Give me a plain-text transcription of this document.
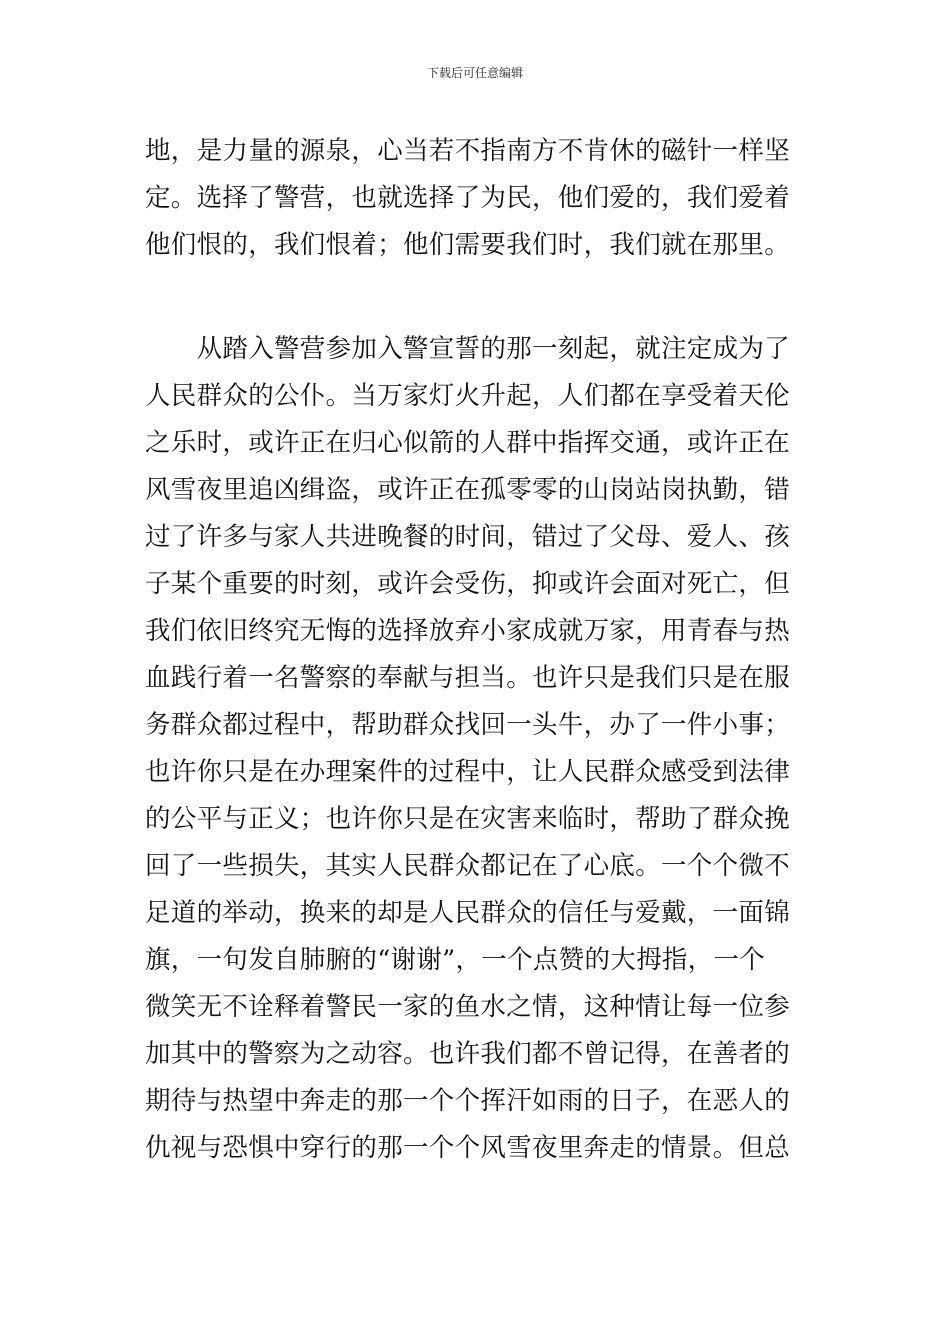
下载后可任意编辑
地，是力量的源泉，心当若不指南方不肯休的磁针一样坚
定。选择了警营，也就选择了为民，他们爱的，我们爱着
他们恨的，我们恨着；他们需要我们时，我们就在那里。
　　从踏入警营参加入警宣誓的那一刻起，就注定成为了
人民群众的公仆。当万家灯火升起，人们都在享受着天伦
之乐时，或许正在归心似箭的人群中指挥交通，或许正在
风雪夜里追凶缉盗，或许正在孤零零的山岗站岗执勤，错
过了许多与家人共进晚餐的时间，错过了父母、爱人、孩
子某个重要的时刻，或许会受伤，抑或许会面对死亡，但
我们依旧终究无悔的选择放弃小家成就万家，用青春与热
血践行着一名警察的奉献与担当。也许只是我们只是在服
务群众都过程中，帮助群众找回一头牛，办了一件小事；
也许你只是在办理案件的过程中，让人民群众感受到法律
的公平与正义；也许你只是在灾害来临时，帮助了群众挽
回了一些损失，其实人民群众都记在了心底。一个个微不
足道的举动，换来的却是人民群众的信任与爱戴，一面锦
旗，一句发自肺腑的“谢谢”，一个点赞的大拇指，一个
微笑无不诠释着警民一家的鱼水之情，这种情让每一位参
加其中的警察为之动容。也许我们都不曾记得，在善者的
期待与热望中奔走的那一个个挥汗如雨的日子，在恶人的
仇视与恐惧中穿行的那一个个风雪夜里奔走的情景。但总
